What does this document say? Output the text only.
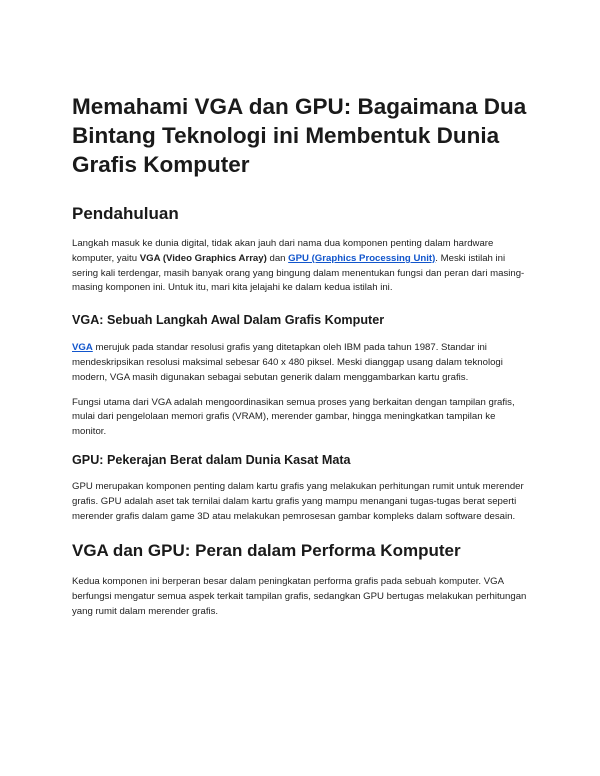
Memahami VGA dan GPU: Bagaimana Dua Bintang Teknologi ini Membentuk Dunia Grafis Komputer
Pendahuluan

Langkah masuk ke dunia digital, tidak akan jauh dari nama dua komponen penting dalam hardware komputer, yaitu VGA (Video Graphics Array) dan GPU (Graphics Processing Unit). Meski istilah ini sering kali terdengar, masih banyak orang yang bingung dalam menentukan fungsi dan peran dari masing-masing komponen ini. Untuk itu, mari kita jelajahi ke dalam kedua istilah ini.

VGA: Sebuah Langkah Awal Dalam Grafis Komputer

VGA merujuk pada standar resolusi grafis yang ditetapkan oleh IBM pada tahun 1987. Standar ini mendeskripsikan resolusi maksimal sebesar 640 x 480 piksel. Meski dianggap usang dalam teknologi modern, VGA masih digunakan sebagai sebutan generik dalam menggambarkan kartu grafis.

Fungsi utama dari VGA adalah mengoordinasikan semua proses yang berkaitan dengan tampilan grafis, mulai dari pengelolaan memori grafis (VRAM), merender gambar, hingga meningkatkan tampilan ke monitor.

GPU: Pekerajan Berat dalam Dunia Kasat Mata

GPU merupakan komponen penting dalam kartu grafis yang melakukan perhitungan rumit untuk merender grafis. GPU adalah aset tak ternilai dalam kartu grafis yang mampu menangani tugas-tugas berat seperti merender grafis dalam game 3D atau melakukan pemrosesan gambar kompleks dalam software desain.

VGA dan GPU: Peran dalam Performa Komputer

Kedua komponen ini berperan besar dalam peningkatan performa grafis pada sebuah komputer. VGA berfungsi mengatur semua aspek terkait tampilan grafis, sedangkan GPU bertugas melakukan perhitungan yang rumit dalam merender grafis.
